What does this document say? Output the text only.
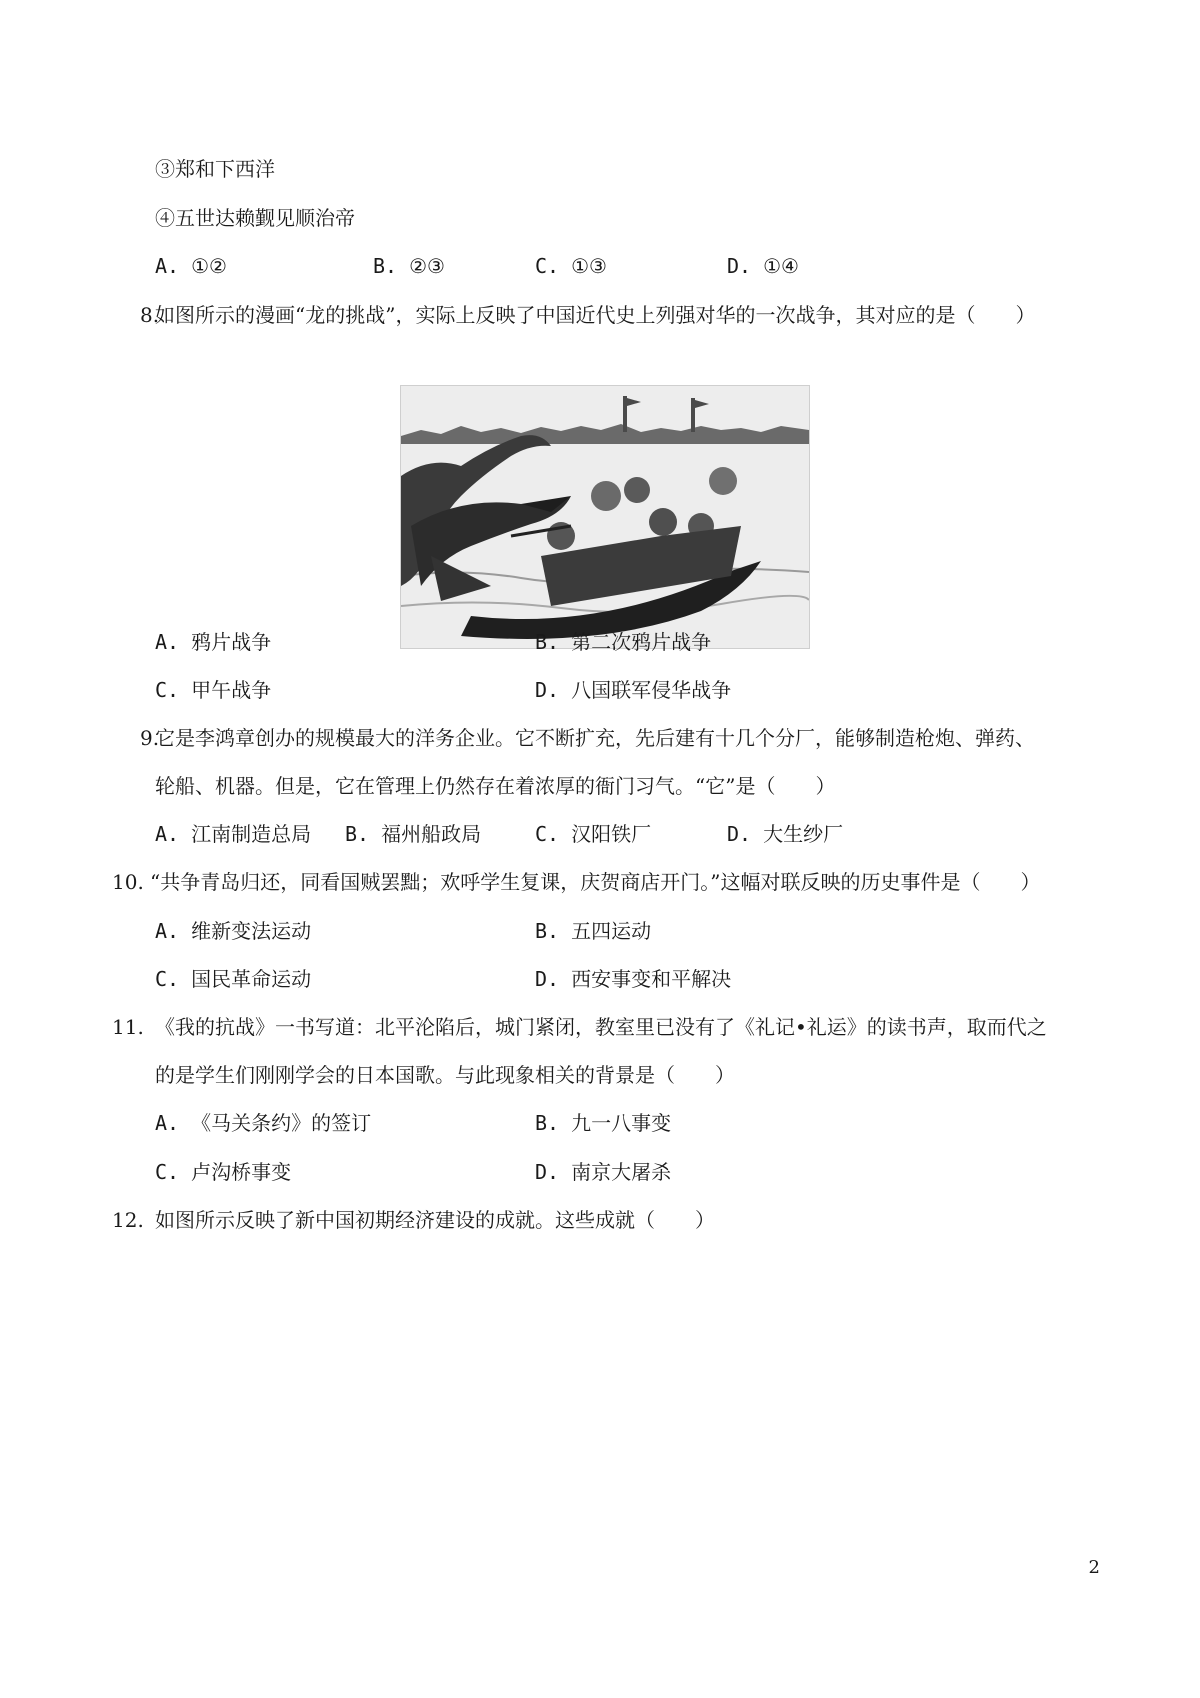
③郑和下西洋
④五世达赖觐见顺治帝
A. ①②	B. ②③	C. ①③	D. ①④
8.
如图所示的漫画“龙的挑战”，实际上反映了中国近代史上列强对华的一次战争，其对应的是（　　）
A. 鸦片战争	B. 第二次鸦片战争
C. 甲午战争	D. 八国联军侵华战争
9.
它是李鸿章创办的规模最大的洋务企业。它不断扩充，先后建有十几个分厂，能够制造枪炮、弹药、
轮船、机器。但是，它在管理上仍然存在着浓厚的衙门习气。“它”是（　　）
A. 江南制造总局 B. 福州船政局	C. 汉阳铁厂	D. 大生纱厂
10. “共争青岛归还，同看国贼罢黜；欢呼学生复课，庆贺商店开门。”这幅对联反映的历史事件是（　　）
A. 维新变法运动	B. 五四运动
C. 国民革命运动	D. 西安事变和平解决
11. 《我的抗战》一书写道：北平沦陷后，城门紧闭，教室里已没有了《礼记•礼运》的读书声，取而代之
的是学生们刚刚学会的日本国歌。与此现象相关的背景是（　　）
A. 《马关条约》的签订	B. 九一八事变
C. 卢沟桥事变	D. 南京大屠杀
12. 如图所示反映了新中国初期经济建设的成就。这些成就（　　）
2
